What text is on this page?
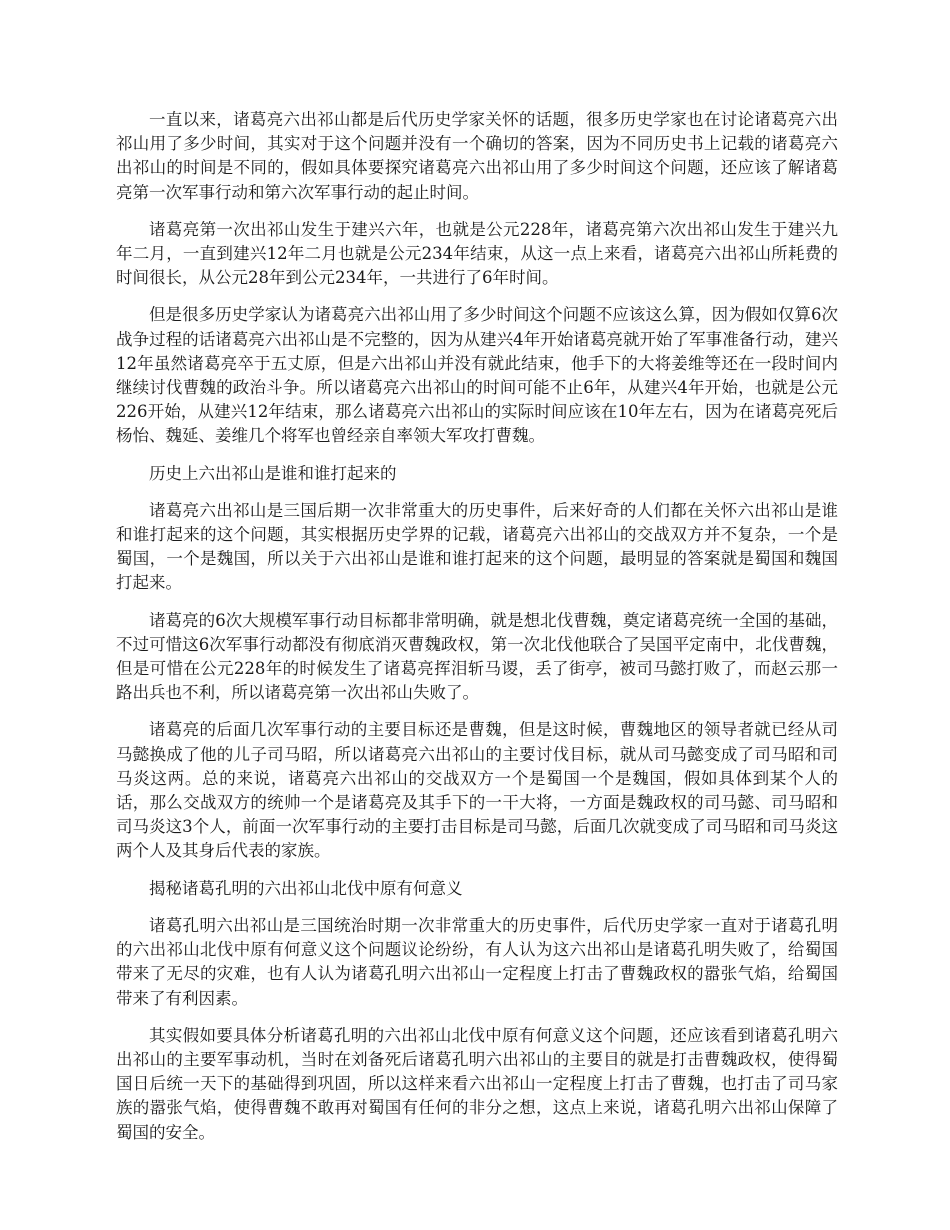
一直以来，诸葛亮六出祁山都是后代历史学家关怀的话题，很多历史学家也在讨论诸葛亮六出祁山用了多少时间，其实对于这个问题并没有一个确切的答案，因为不同历史书上记载的诸葛亮六出祁山的时间是不同的，假如具体要探究诸葛亮六出祁山用了多少时间这个问题，还应该了解诸葛亮第一次军事行动和第六次军事行动的起止时间。

诸葛亮第一次出祁山发生于建兴六年，也就是公元228年，诸葛亮第六次出祁山发生于建兴九年二月，一直到建兴12年二月也就是公元234年结束，从这一点上来看，诸葛亮六出祁山所耗费的时间很长，从公元28年到公元234年，一共进行了6年时间。

但是很多历史学家认为诸葛亮六出祁山用了多少时间这个问题不应该这么算，因为假如仅算6次战争过程的话诸葛亮六出祁山是不完整的，因为从建兴4年开始诸葛亮就开始了军事准备行动，建兴12年虽然诸葛亮卒于五丈原，但是六出祁山并没有就此结束，他手下的大将姜维等还在一段时间内继续讨伐曹魏的政治斗争。所以诸葛亮六出祁山的时间可能不止6年，从建兴4年开始，也就是公元226开始，从建兴12年结束，那么诸葛亮六出祁山的实际时间应该在10年左右，因为在诸葛亮死后杨怡、魏延、姜维几个将军也曾经亲自率领大军攻打曹魏。

历史上六出祁山是谁和谁打起来的

诸葛亮六出祁山是三国后期一次非常重大的历史事件，后来好奇的人们都在关怀六出祁山是谁和谁打起来的这个问题，其实根据历史学界的记载，诸葛亮六出祁山的交战双方并不复杂，一个是蜀国，一个是魏国，所以关于六出祁山是谁和谁打起来的这个问题，最明显的答案就是蜀国和魏国打起来。

诸葛亮的6次大规模军事行动目标都非常明确，就是想北伐曹魏，奠定诸葛亮统一全国的基础，不过可惜这6次军事行动都没有彻底消灭曹魏政权，第一次北伐他联合了吴国平定南中，北伐曹魏，但是可惜在公元228年的时候发生了诸葛亮挥泪斩马谡，丢了街亭，被司马懿打败了，而赵云那一路出兵也不利，所以诸葛亮第一次出祁山失败了。

诸葛亮的后面几次军事行动的主要目标还是曹魏，但是这时候，曹魏地区的领导者就已经从司马懿换成了他的儿子司马昭，所以诸葛亮六出祁山的主要讨伐目标，就从司马懿变成了司马昭和司马炎这两。总的来说，诸葛亮六出祁山的交战双方一个是蜀国一个是魏国，假如具体到某个人的话，那么交战双方的统帅一个是诸葛亮及其手下的一干大将，一方面是魏政权的司马懿、司马昭和司马炎这3个人，前面一次军事行动的主要打击目标是司马懿，后面几次就变成了司马昭和司马炎这两个人及其身后代表的家族。

揭秘诸葛孔明的六出祁山北伐中原有何意义

诸葛孔明六出祁山是三国统治时期一次非常重大的历史事件，后代历史学家一直对于诸葛孔明的六出祁山北伐中原有何意义这个问题议论纷纷，有人认为这六出祁山是诸葛孔明失败了，给蜀国带来了无尽的灾难，也有人认为诸葛孔明六出祁山一定程度上打击了曹魏政权的嚣张气焰，给蜀国带来了有利因素。

其实假如要具体分析诸葛孔明的六出祁山北伐中原有何意义这个问题，还应该看到诸葛孔明六出祁山的主要军事动机，当时在刘备死后诸葛孔明六出祁山的主要目的就是打击曹魏政权，使得蜀国日后统一天下的基础得到巩固，所以这样来看六出祁山一定程度上打击了曹魏，也打击了司马家族的嚣张气焰，使得曹魏不敢再对蜀国有任何的非分之想，这点上来说，诸葛孔明六出祁山保障了蜀国的安全。
